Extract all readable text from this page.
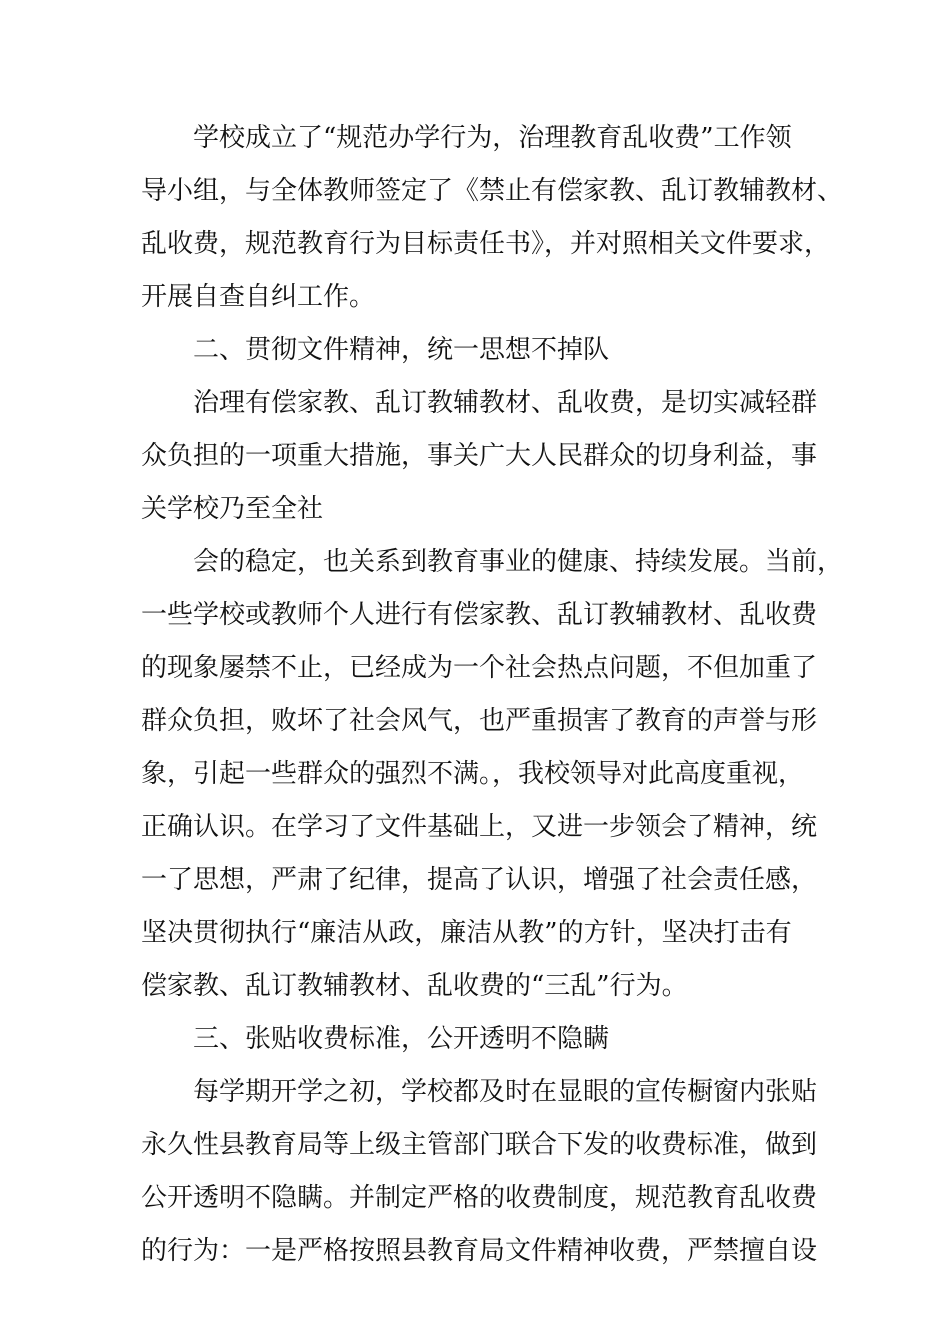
学校成立了“规范办学行为，治理教育乱收费”工作领
导小组，与全体教师签定了《禁止有偿家教、乱订教辅教材、
乱收费，规范教育行为目标责任书》，并对照相关文件要求，
开展自查自纠工作。
二、贯彻文件精神，统一思想不掉队
治理有偿家教、乱订教辅教材、乱收费，是切实减轻群
众负担的一项重大措施，事关广大人民群众的切身利益，事
关学校乃至全社
会的稳定，也关系到教育事业的健康、持续发展。当前，
一些学校或教师个人进行有偿家教、乱订教辅教材、乱收费
的现象屡禁不止，已经成为一个社会热点问题，不但加重了
群众负担，败坏了社会风气，也严重损害了教育的声誉与形
象，引起一些群众的强烈不满。，我校领导对此高度重视，
正确认识。在学习了文件基础上，又进一步领会了精神，统
一了思想，严肃了纪律，提高了认识，增强了社会责任感，
坚决贯彻执行“廉洁从政，廉洁从教”的方针，坚决打击有
偿家教、乱订教辅教材、乱收费的“三乱”行为。
三、张贴收费标准，公开透明不隐瞒
每学期开学之初，学校都及时在显眼的宣传橱窗内张贴
永久性县教育局等上级主管部门联合下发的收费标准，做到
公开透明不隐瞒。并制定严格的收费制度，规范教育乱收费
的行为：一是严格按照县教育局文件精神收费，严禁擅自设
